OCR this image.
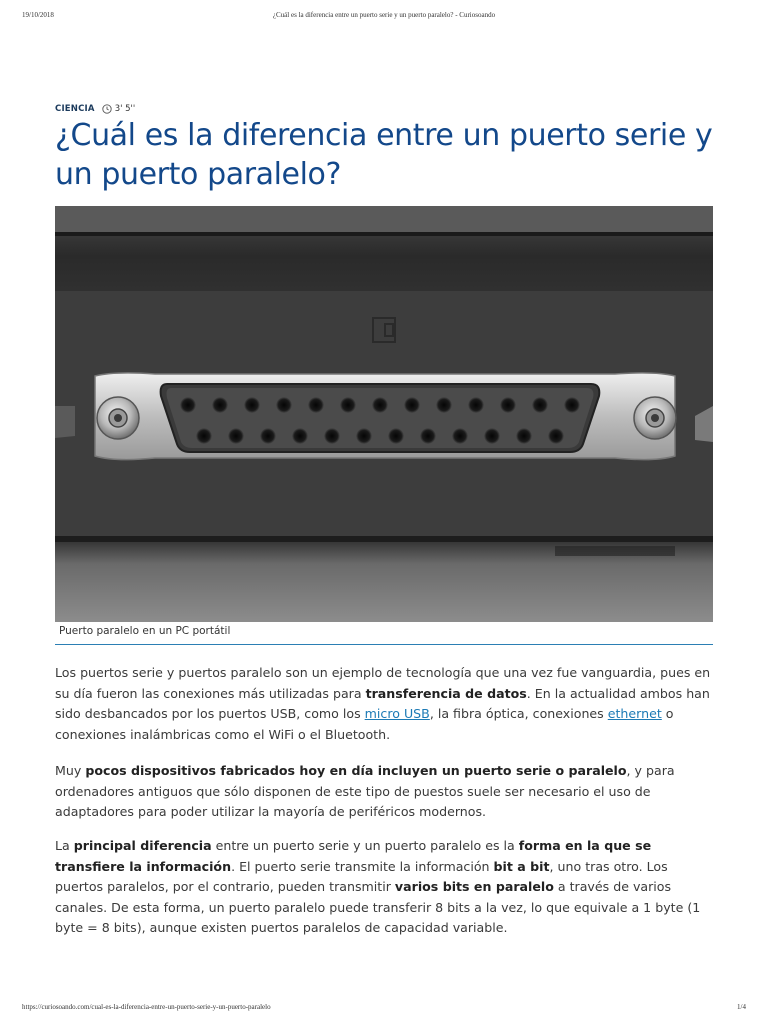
19/10/2018	¿Cuál es la diferencia entre un puerto serie y un puerto paralelo? - Curiosoando
CIENCIA 3' 5''
¿Cuál es la diferencia entre un puerto serie y un puerto paralelo?
Puerto paralelo en un PC portátil

Los puertos serie y puertos paralelo son un ejemplo de tecnología que una vez fue vanguardia, pues en su día fueron las conexiones más utilizadas para transferencia de datos. En la actualidad ambos han sido desbancados por los puertos USB, como los micro USB, la fibra óptica, conexiones ethernet o conexiones inalámbricas como el WiFi o el Bluetooth.

Muy pocos dispositivos fabricados hoy en día incluyen un puerto serie o paralelo, y para ordenadores antiguos que sólo disponen de este tipo de puestos suele ser necesario el uso de adaptadores para poder utilizar la mayoría de periféricos modernos.

La principal diferencia entre un puerto serie y un puerto paralelo es la forma en la que se transfiere la información. El puerto serie transmite la información bit a bit, uno tras otro. Los puertos paralelos, por el contrario, pueden transmitir varios bits en paralelo a través de varios canales. De esta forma, un puerto paralelo puede transferir 8 bits a la vez, lo que equivale a 1 byte (1 byte = 8 bits), aunque existen puertos paralelos de capacidad variable.

https://curiosoando.com/cual-es-la-diferencia-entre-un-puerto-serie-y-un-puerto-paralelo	1/4
